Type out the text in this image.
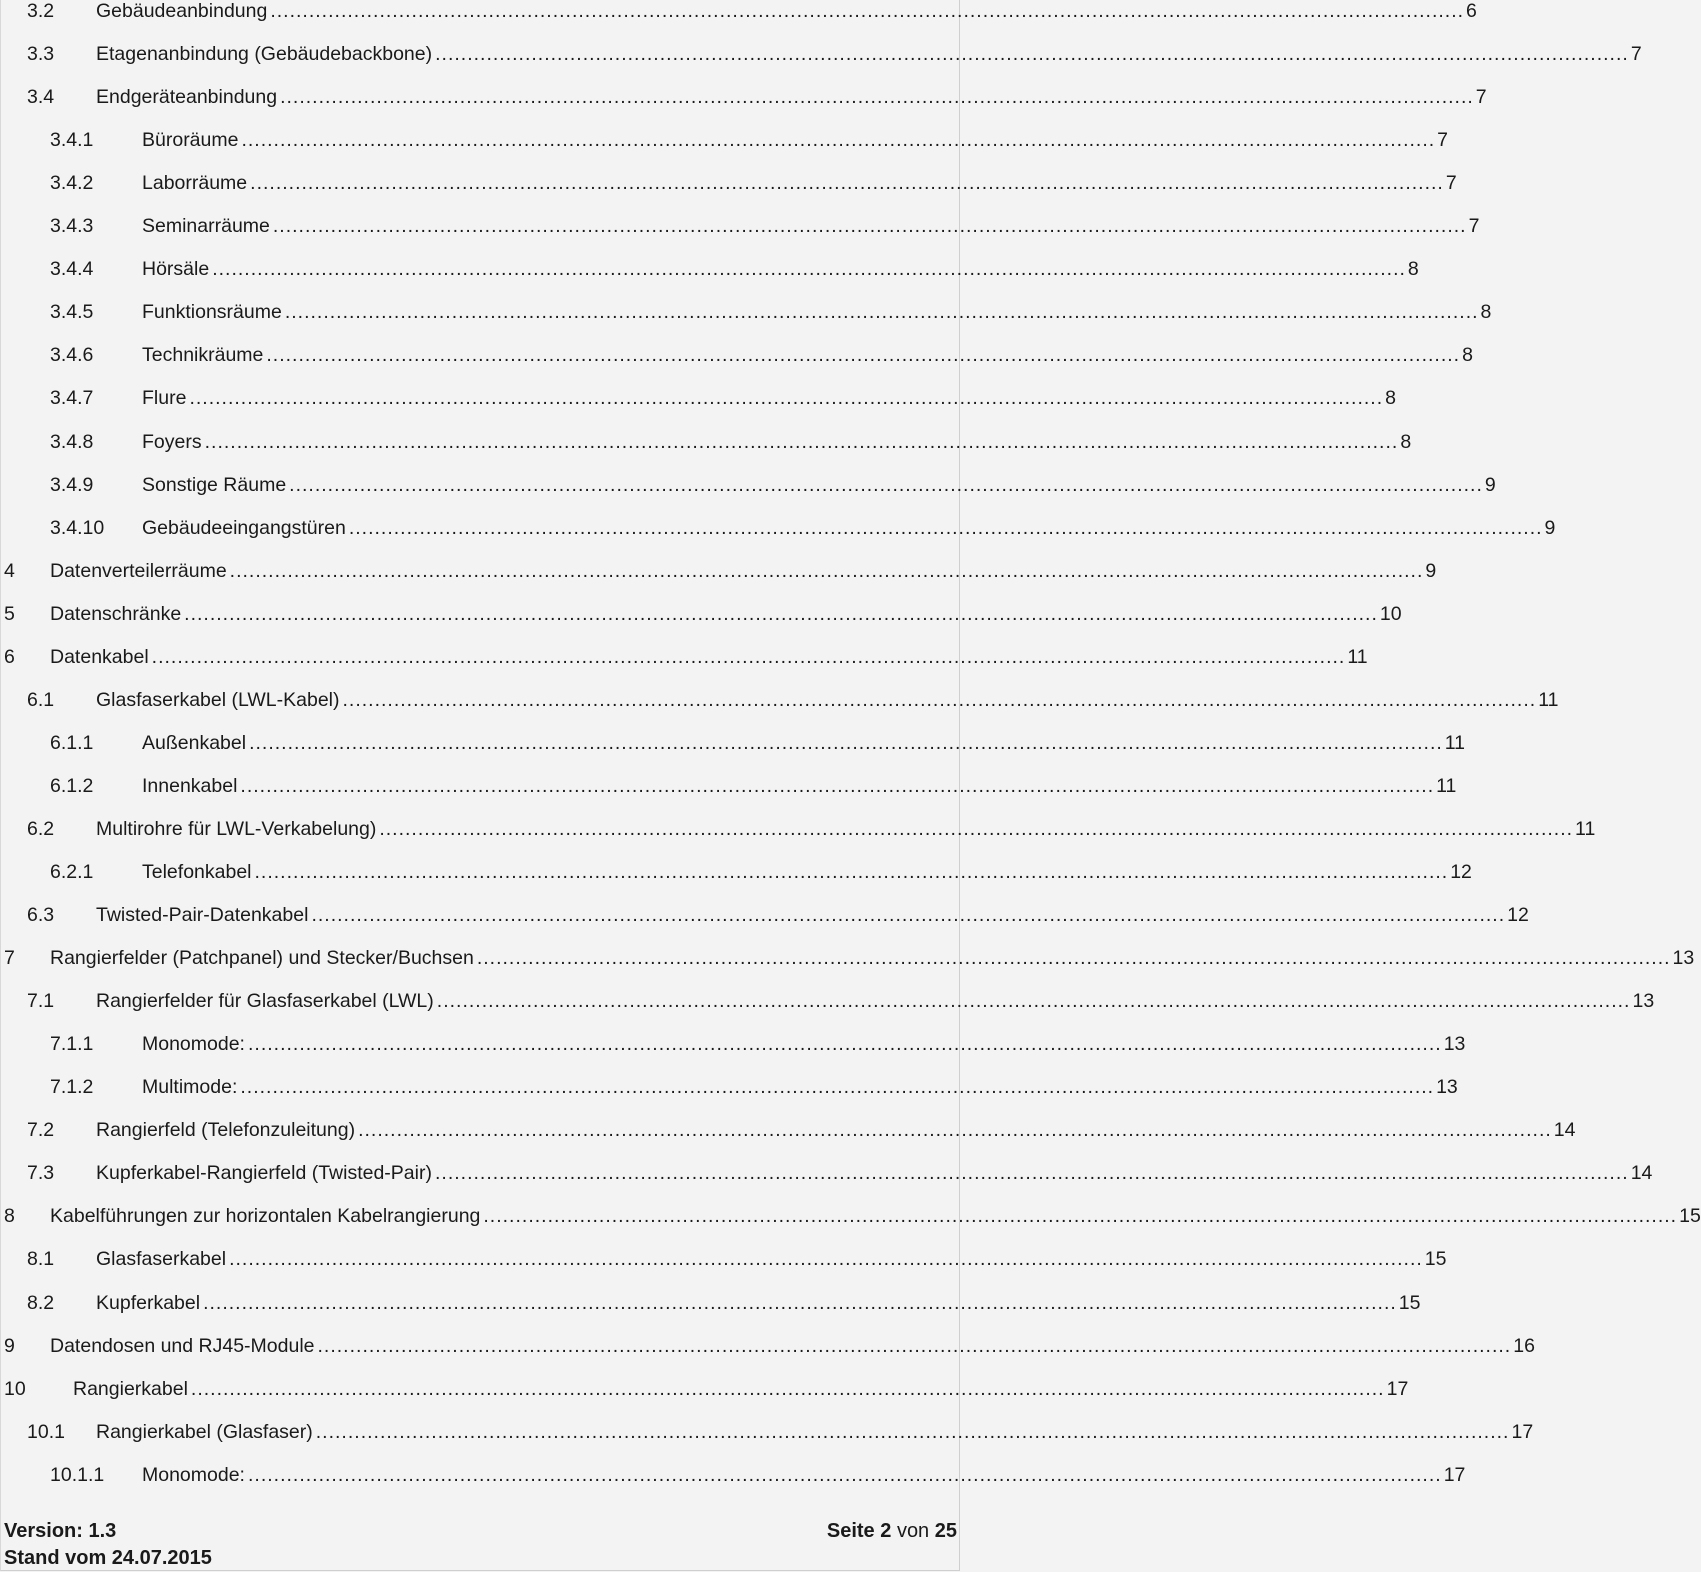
3.2 Gebäudeanbindung .......................................................................................................................................................................................... 6
3.3 Etagenanbindung (Gebäudebackbone) .......................................................................................................................................................................................... 7
3.4 Endgeräteanbindung .......................................................................................................................................................................................... 7
3.4.1 Büroräume .......................................................................................................................................................................................... 7
3.4.2 Laborräume .......................................................................................................................................................................................... 7
3.4.3 Seminarräume .......................................................................................................................................................................................... 7
3.4.4 Hörsäle .......................................................................................................................................................................................... 8
3.4.5 Funktionsräume .......................................................................................................................................................................................... 8
3.4.6 Technikräume .......................................................................................................................................................................................... 8
3.4.7 Flure .......................................................................................................................................................................................... 8
3.4.8 Foyers .......................................................................................................................................................................................... 8
3.4.9 Sonstige Räume .......................................................................................................................................................................................... 9
3.4.10 Gebäudeeingangstüren .......................................................................................................................................................................................... 9
4 Datenverteilerräume .......................................................................................................................................................................................... 9
5 Datenschränke .......................................................................................................................................................................................... 10
6 Datenkabel .......................................................................................................................................................................................... 11
6.1 Glasfaserkabel (LWL-Kabel) .......................................................................................................................................................................................... 11
6.1.1 Außenkabel .......................................................................................................................................................................................... 11
6.1.2 Innenkabel .......................................................................................................................................................................................... 11
6.2 Multirohre für LWL-Verkabelung) .......................................................................................................................................................................................... 11
6.2.1 Telefonkabel .......................................................................................................................................................................................... 12
6.3 Twisted-Pair-Datenkabel .......................................................................................................................................................................................... 12
7 Rangierfelder (Patchpanel) und Stecker/Buchsen .......................................................................................................................................................................................... 13
7.1 Rangierfelder für Glasfaserkabel (LWL) .......................................................................................................................................................................................... 13
7.1.1 Monomode: .......................................................................................................................................................................................... 13
7.1.2 Multimode: .......................................................................................................................................................................................... 13
7.2 Rangierfeld (Telefonzuleitung) .......................................................................................................................................................................................... 14
7.3 Kupferkabel-Rangierfeld (Twisted-Pair) .......................................................................................................................................................................................... 14
8 Kabelführungen zur horizontalen Kabelrangierung .......................................................................................................................................................................................... 15
8.1 Glasfaserkabel .......................................................................................................................................................................................... 15
8.2 Kupferkabel .......................................................................................................................................................................................... 15
9 Datendosen und RJ45-Module .......................................................................................................................................................................................... 16
10 Rangierkabel .......................................................................................................................................................................................... 17
10.1 Rangierkabel (Glasfaser) .......................................................................................................................................................................................... 17
10.1.1 Monomode: .......................................................................................................................................................................................... 17
Version: 1.3
Stand vom 24.07.2015
Seite 2 von 25
